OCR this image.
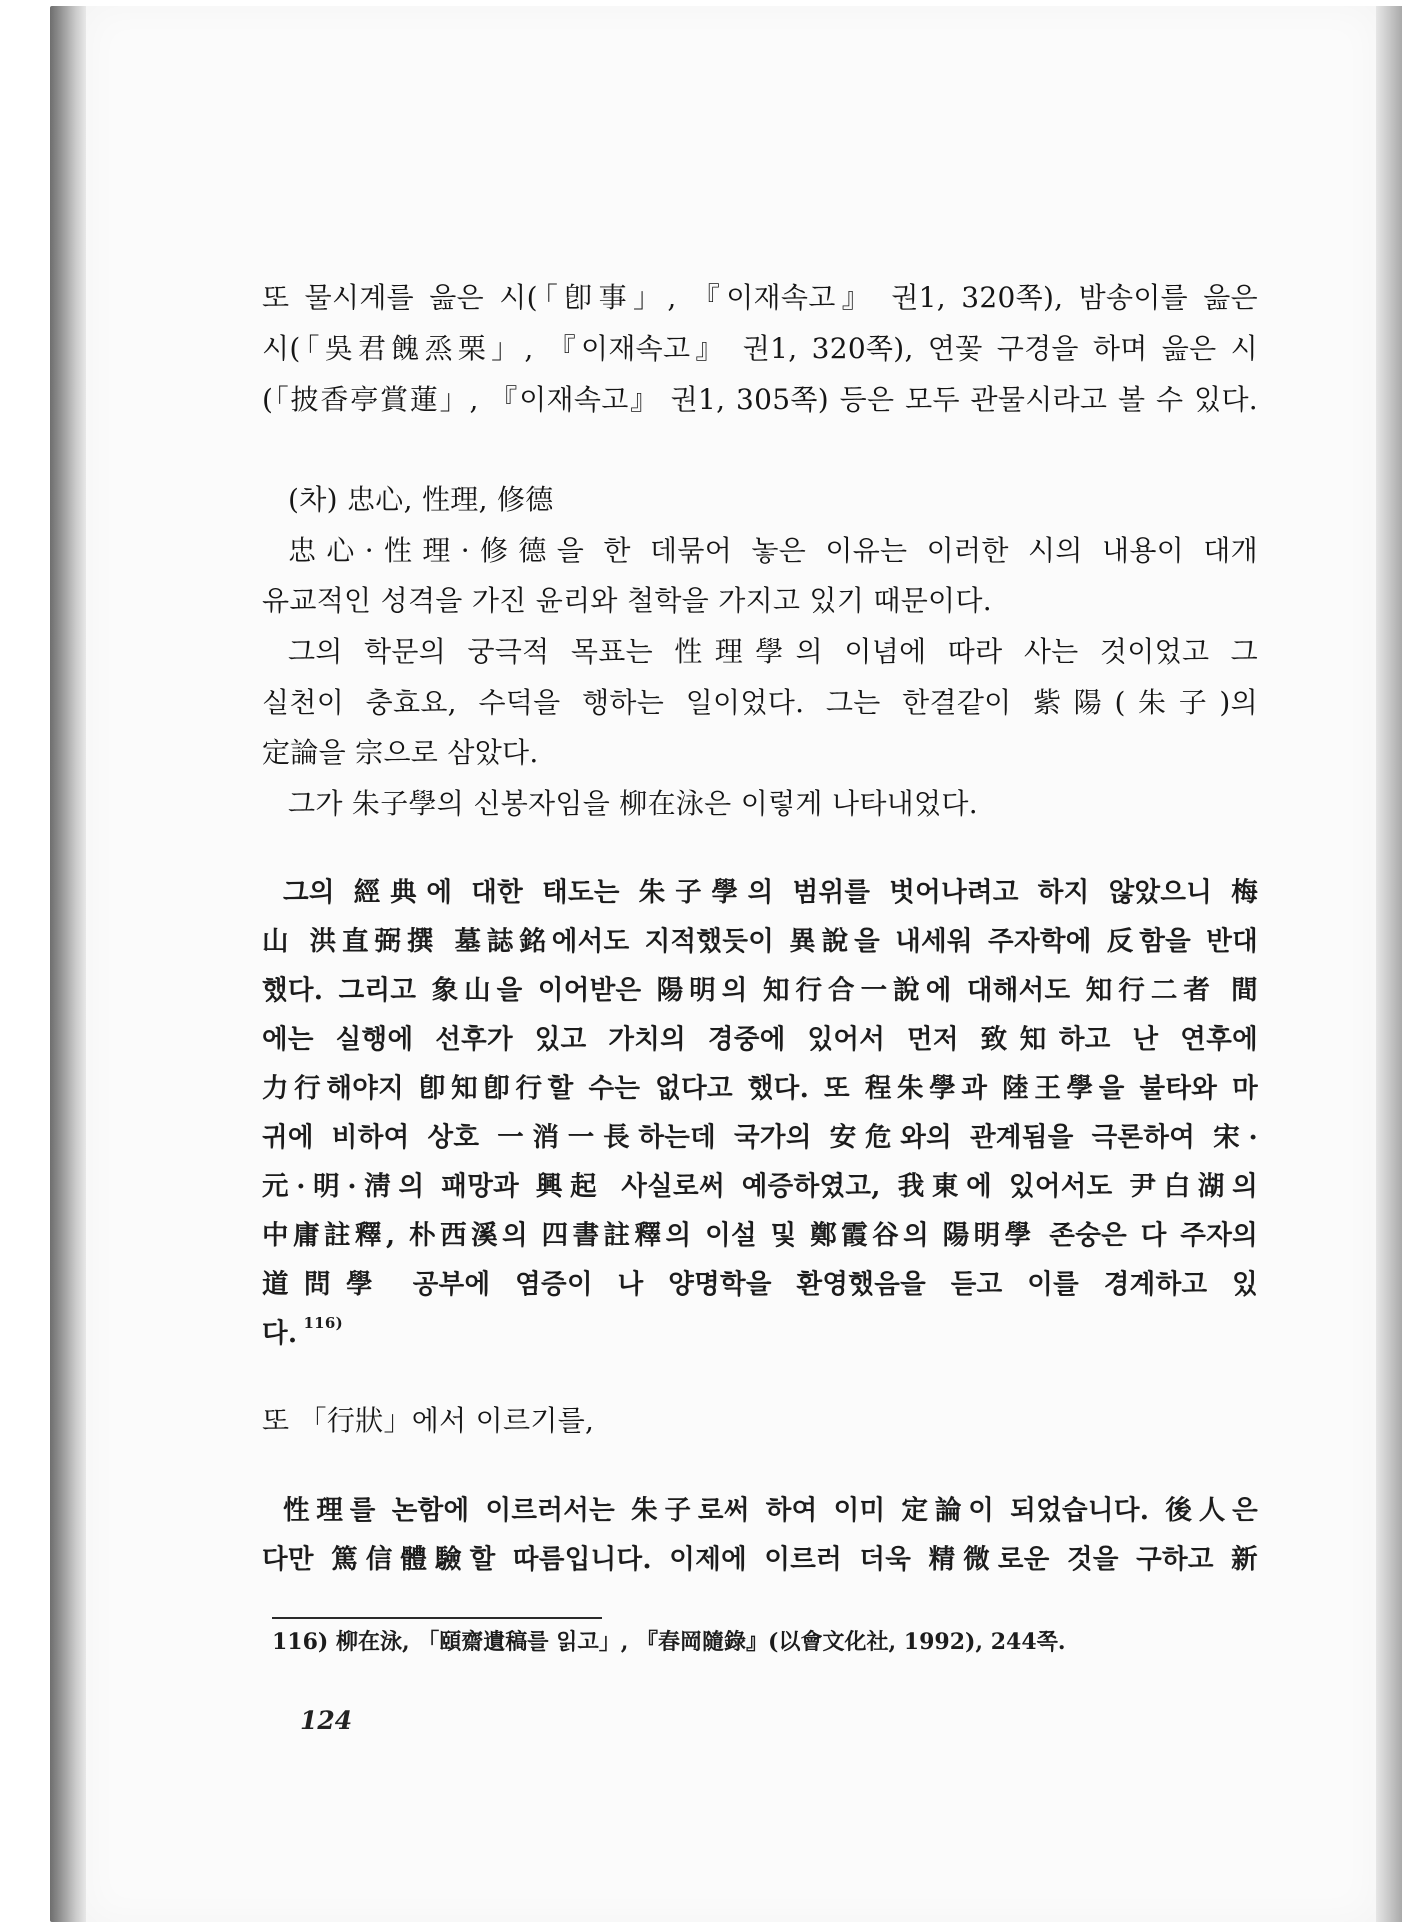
또 물시계를 읊은 시(「卽事」, 『이재속고』 권1, 320쪽), 밤송이를 읊은
시(「吳君餽烝栗」, 『이재속고』 권1, 320쪽), 연꽃 구경을 하며 읊은 시
(「披香亭賞蓮」, 『이재속고』 권1, 305쪽) 등은 모두 관물시라고 볼 수 있다.
(차) 忠心, 性理, 修德
忠心·性理·修德을 한 데묶어 놓은 이유는 이러한 시의 내용이 대개
유교적인 성격을 가진 윤리와 철학을 가지고 있기 때문이다.
그의 학문의 궁극적 목표는 性理學의 이념에 따라 사는 것이었고 그
실천이 충효요, 수덕을 행하는 일이었다. 그는 한결같이 紫陽(朱子)의
定論을 宗으로 삼았다.
그가 朱子學의 신봉자임을 柳在泳은 이렇게 나타내었다.
그의 經典에 대한 태도는 朱子學의 범위를 벗어나려고 하지 않았으니 梅
山 洪直弼撰 墓誌銘에서도 지적했듯이 異說을 내세워 주자학에 反함을 반대
했다. 그리고 象山을 이어받은 陽明의 知行合一說에 대해서도 知行二者 間
에는 실행에 선후가 있고 가치의 경중에 있어서 먼저 致知하고 난 연후에
力行해야지 卽知卽行할 수는 없다고 했다. 또 程朱學과 陸王學을 불타와 마
귀에 비하여 상호 一消一長하는데 국가의 安危와의 관계됨을 극론하여 宋·
元·明·淸의 패망과 興起 사실로써 예증하였고, 我東에 있어서도 尹白湖의
中庸註釋, 朴西溪의 四書註釋의 이설 및 鄭霞谷의 陽明學 존숭은 다 주자의
道問學 공부에 염증이 나 양명학을 환영했음을 듣고 이를 경계하고 있
다. $^{116)}$
또 「行狀」에서 이르기를,
性理를 논함에 이르러서는 朱子로써 하여 이미 定論이 되었습니다. 後人은
다만 篤信體驗할 따름입니다. 이제에 이르러 더욱 精微로운 것을 구하고 新
116) 柳在泳, 「頤齋遺稿를 읽고」, 『春岡隨錄』(以會文化社, 1992), 244쪽.
124
